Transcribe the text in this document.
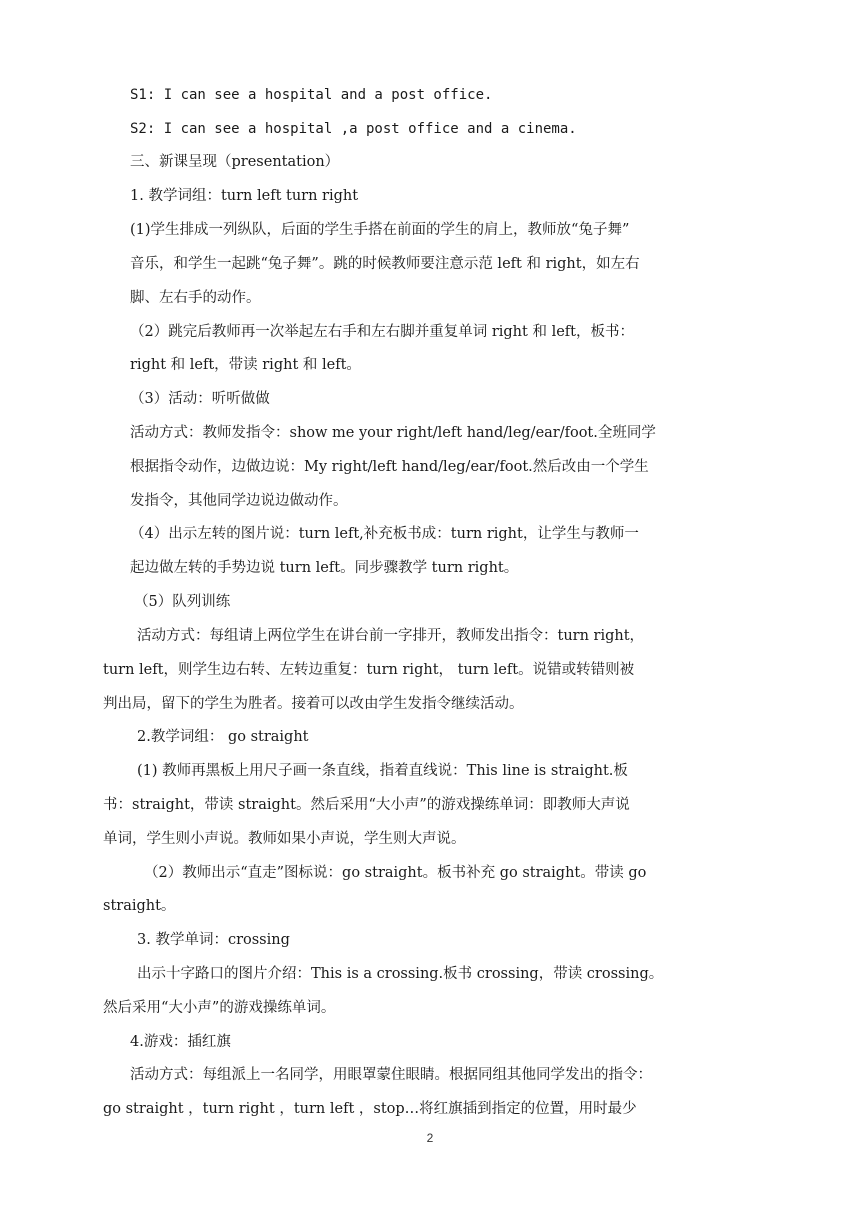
S1: I can see a hospital and a post office.
S2: I can see a hospital ,a post office and a cinema.
三、新课呈现（presentation）
1. 教学词组：turn left turn right
(1)学生排成一列纵队，后面的学生手搭在前面的学生的肩上，教师放“兔子舞”
音乐，和学生一起跳“兔子舞”。跳的时候教师要注意示范 left 和 right，如左右
脚、左右手的动作。
（2）跳完后教师再一次举起左右手和左右脚并重复单词 right 和 left，板书：
right 和 left，带读 right 和 left。
（3）活动：听听做做
活动方式：教师发指令：show me your right/left hand/leg/ear/foot.全班同学
根据指令动作，边做边说：My right/left hand/leg/ear/foot.然后改由一个学生
发指令，其他同学边说边做动作。
（4）出示左转的图片说：turn left,补充板书成：turn right，让学生与教师一
起边做左转的手势边说 turn left。同步骤教学 turn right。
（5）队列训练
活动方式：每组请上两位学生在讲台前一字排开，教师发出指令：turn right，
turn left，则学生边右转、左转边重复：turn right， turn left。说错或转错则被
判出局，留下的学生为胜者。接着可以改由学生发指令继续活动。
2.教学词组： go straight
(1) 教师再黑板上用尺子画一条直线，指着直线说：This line is straight.板
书：straight，带读 straight。然后采用“大小声”的游戏操练单词：即教师大声说
单词，学生则小声说。教师如果小声说，学生则大声说。
（2）教师出示“直走”图标说：go straight。板书补充 go straight。带读 go
straight。
3. 教学单词：crossing
出示十字路口的图片介绍：This is a crossing.板书 crossing，带读 crossing。
然后采用“大小声”的游戏操练单词。
4.游戏：插红旗
活动方式：每组派上一名同学，用眼罩蒙住眼睛。根据同组其他同学发出的指令：
go straight ，turn right ，turn left ，stop…将红旗插到指定的位置，用时最少
2
